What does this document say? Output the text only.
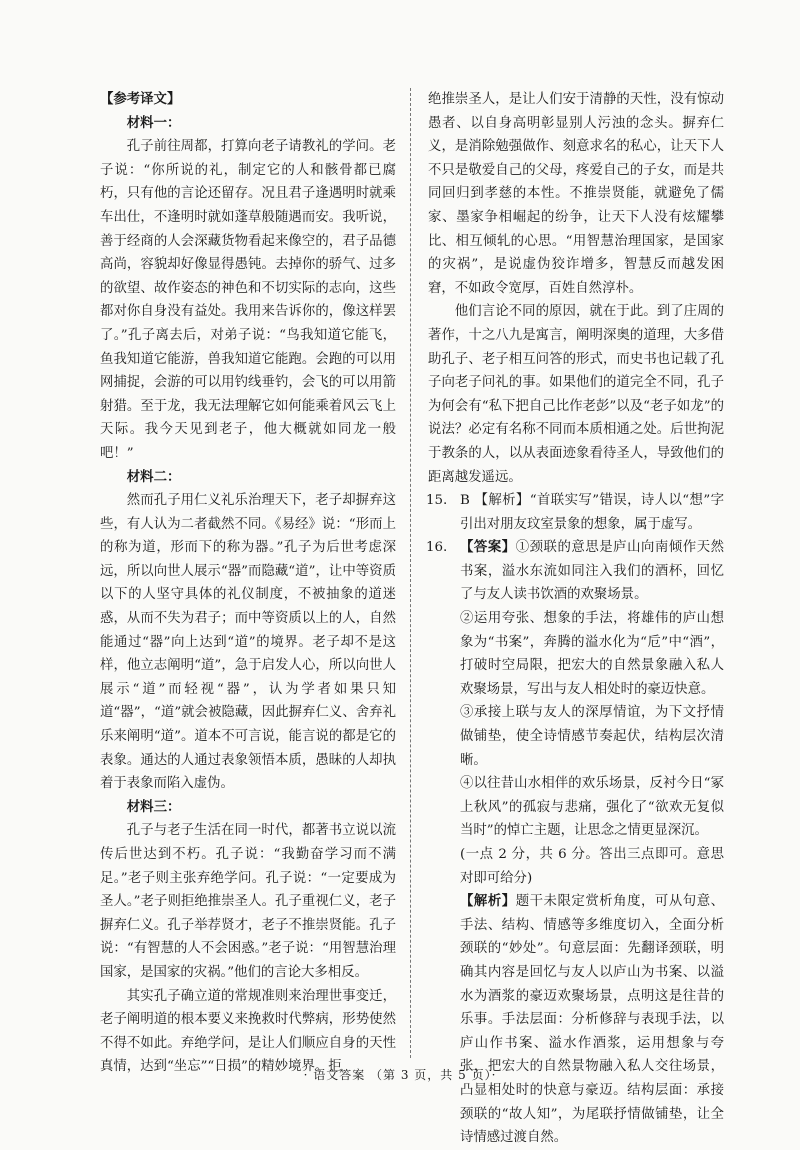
【参考译文】

材料一：

孔子前往周都，打算向老子请教礼的学问。老子说：“你所说的礼，制定它的人和骸骨都已腐朽，只有他的言论还留存。况且君子逢遇明时就乘车出仕，不逢明时就如蓬草般随遇而安。我听说，善于经商的人会深藏货物看起来像空的，君子品德高尚，容貌却好像显得愚钝。去掉你的骄气、过多的欲望、故作姿态的神色和不切实际的志向，这些都对你自身没有益处。我用来告诉你的，像这样罢了。”孔子离去后，对弟子说：“鸟我知道它能飞，鱼我知道它能游，兽我知道它能跑。会跑的可以用网捕捉，会游的可以用钓线垂钓，会飞的可以用箭射猎。至于龙，我无法理解它如何能乘着风云飞上天际。我今天见到老子，他大概就如同龙一般吧！”

材料二：

然而孔子用仁义礼乐治理天下，老子却摒弃这些，有人认为二者截然不同。《易经》说：“形而上的称为道，形而下的称为器。”孔子为后世考虑深远，所以向世人展示“器”而隐藏“道”，让中等资质以下的人坚守具体的礼仪制度，不被抽象的道迷惑，从而不失为君子；而中等资质以上的人，自然能通过“器”向上达到“道”的境界。老子却不是这样，他立志阐明“道”，急于启发人心，所以向世人展示“道”而轻视“器”，认为学者如果只知道“器”，“道”就会被隐藏，因此摒弃仁义、舍弃礼乐来阐明“道”。道本不可言说，能言说的都是它的表象。通达的人通过表象领悟本质，愚昧的人却执着于表象而陷入虚伪。

材料三：

孔子与老子生活在同一时代，都著书立说以流传后世达到不朽。孔子说：“我勤奋学习而不满足。”老子则主张弃绝学问。孔子说：“一定要成为圣人。”老子则拒绝推崇圣人。孔子重视仁义，老子摒弃仁义。孔子举荐贤才，老子不推崇贤能。孔子说：“有智慧的人不会困惑。”老子说：“用智慧治理国家，是国家的灾祸。”他们的言论大多相反。

其实孔子确立道的常规准则来治理世事变迁，老子阐明道的根本要义来挽救时代弊病，形势使然不得不如此。弃绝学问，是让人们顺应自身的天性真情，达到“坐忘”“日损”的精妙境界。拒

绝推崇圣人，是让人们安于清静的天性，没有惊动愚者、以自身高明彰显别人污浊的念头。摒弃仁义，是消除勉强做作、刻意求名的私心，让天下人不只是敬爱自己的父母，疼爱自己的子女，而是共同回归到孝慈的本性。不推崇贤能，就避免了儒家、墨家争相崛起的纷争，让天下人没有炫耀攀比、相互倾轧的心思。“用智慧治理国家，是国家的灾祸”，是说虚伪狡诈增多，智慧反而越发困窘，不如政令宽厚，百姓自然淳朴。

他们言论不同的原因，就在于此。到了庄周的著作，十之八九是寓言，阐明深奥的道理，大多借助孔子、老子相互问答的形式，而史书也记载了孔子向老子问礼的事。如果他们的道完全不同，孔子为何会有“私下把自己比作老彭”以及“老子如龙”的说法？必定有名称不同而本质相通之处。后世拘泥于教条的人，以从表面迹象看待圣人，导致他们的距离越发遥远。

15. B 【解析】“首联实写”错误，诗人以“想”字引出对朋友玟室景象的想象，属于虚写。

16. 【答案】①颈联的意思是庐山向南倾作天然书案，溢水东流如同注入我们的酒杯，回忆了与友人读书饮酒的欢聚场景。

②运用夸张、想象的手法，将雄伟的庐山想象为“书案”，奔腾的溢水化为“卮”中“酒”，打破时空局限，把宏大的自然景象融入私人欢聚场景，写出与友人相处时的豪迈快意。

③承接上联与友人的深厚情谊，为下文抒情做铺垫，使全诗情感节奏起伏，结构层次清晰。

④以往昔山水相伴的欢乐场景，反衬今日“冢上秋风”的孤寂与悲痛，强化了“欲欢无复似当时”的悼亡主题，让思念之情更显深沉。

(一点 2 分，共 6 分。答出三点即可。意思对即可给分)

【解析】题干未限定赏析角度，可从句意、手法、结构、情感等多维度切入，全面分析颈联的“妙处”。句意层面：先翻译颈联，明确其内容是回忆与友人以庐山为书案、以溢水为酒浆的豪迈欢聚场景，点明这是往昔的乐事。手法层面：分析修辞与表现手法，以庐山作书案、溢水作酒浆，运用想象与夸张，把宏大的自然景物融入私人交往场景，凸显相处时的快意与豪迈。结构层面：承接颈联的“故人知”，为尾联抒情做铺垫，让全诗情感过渡自然。

· 语文答案 （第 3 页，共 5 页）·
